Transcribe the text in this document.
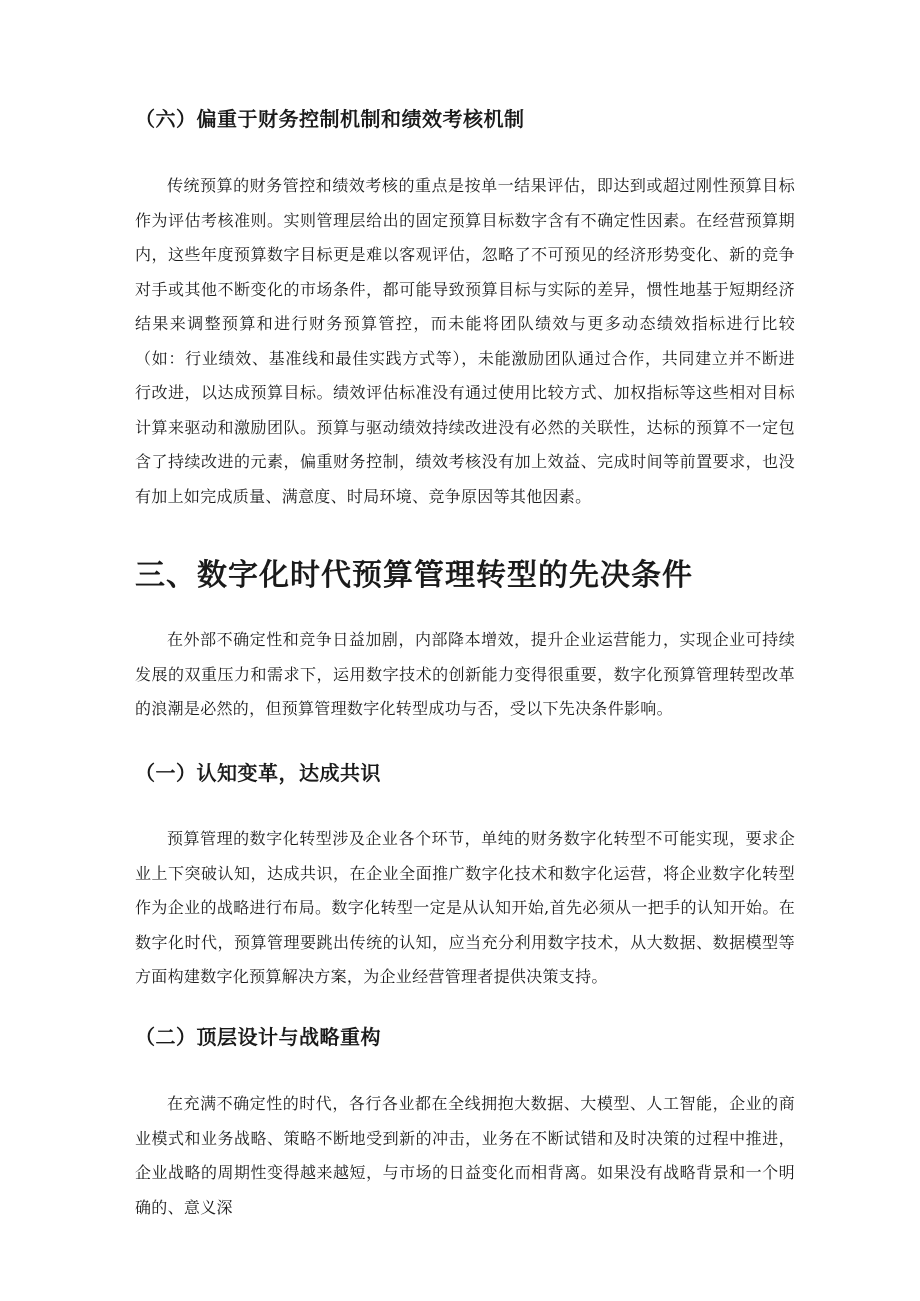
（六）偏重于财务控制机制和绩效考核机制

传统预算的财务管控和绩效考核的重点是按单一结果评估，即达到或超过刚性预算目标作为评估考核准则。实则管理层给出的固定预算目标数字含有不确定性因素。在经营预算期内，这些年度预算数字目标更是难以客观评估，忽略了不可预见的经济形势变化、新的竞争对手或其他不断变化的市场条件，都可能导致预算目标与实际的差异，惯性地基于短期经济结果来调整预算和进行财务预算管控，而未能将团队绩效与更多动态绩效指标进行比较（如：行业绩效、基准线和最佳实践方式等），未能激励团队通过合作，共同建立并不断进行改进，以达成预算目标。绩效评估标准没有通过使用比较方式、加权指标等这些相对目标计算来驱动和激励团队。预算与驱动绩效持续改进没有必然的关联性，达标的预算不一定包含了持续改进的元素，偏重财务控制，绩效考核没有加上效益、完成时间等前置要求，也没有加上如完成质量、满意度、时局环境、竞争原因等其他因素。

三、数字化时代预算管理转型的先决条件

在外部不确定性和竞争日益加剧，内部降本增效，提升企业运营能力，实现企业可持续发展的双重压力和需求下，运用数字技术的创新能力变得很重要，数字化预算管理转型改革的浪潮是必然的，但预算管理数字化转型成功与否，受以下先决条件影响。

（一）认知变革，达成共识

预算管理的数字化转型涉及企业各个环节，单纯的财务数字化转型不可能实现，要求企业上下突破认知，达成共识，在企业全面推广数字化技术和数字化运营，将企业数字化转型作为企业的战略进行布局。数字化转型一定是从认知开始,首先必须从一把手的认知开始。在数字化时代，预算管理要跳出传统的认知，应当充分利用数字技术，从大数据、数据模型等方面构建数字化预算解决方案，为企业经营管理者提供决策支持。

（二）顶层设计与战略重构

在充满不确定性的时代，各行各业都在全线拥抱大数据、大模型、人工智能，企业的商业模式和业务战略、策略不断地受到新的冲击，业务在不断试错和及时决策的过程中推进，企业战略的周期性变得越来越短，与市场的日益变化而相背离。如果没有战略背景和一个明确的、意义深
